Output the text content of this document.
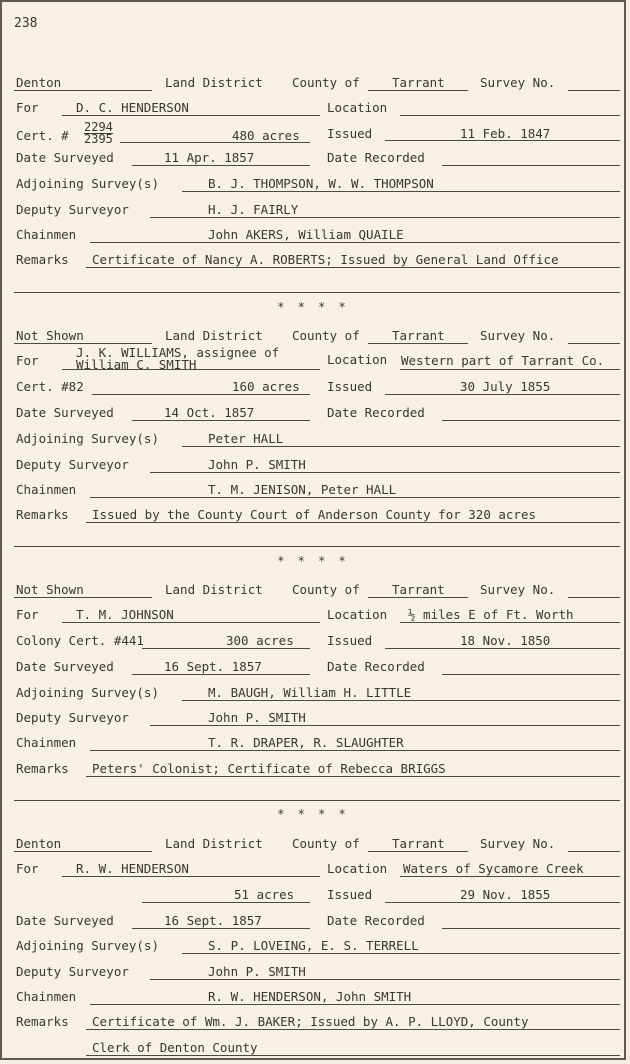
238
Denton	Land District County of	Tarrant	Survey No.
For	D. C. HENDERSON	Location
Cert. # $\frac{2294}{2395}$	480 acres Issued	11 Feb. 1847
Date Surveyed	11 Apr. 1857	Date Recorded
Adjoining Survey(s)	B. J. THOMPSON, W. W. THOMPSON
Deputy Surveyor	H. J. FAIRLY
Chainmen	John AKERS, William QUAILE
Remarks Certificate of Nancy A. ROBERTS; Issued by General Land Office
* * * *
Not Shown	Land District County of	Tarrant	Survey No.
For
J. K. WILLIAMS, assignee of
William C. SMITH	Location Western part of Tarrant Co.
Cert. #82	160 acres Issued	30 July 1855
Date Surveyed	14 Oct. 1857	Date Recorded
Adjoining Survey(s)	Peter HALL
Deputy Surveyor	John P. SMITH
Chainmen	T. M. JENISON, Peter HALL
Remarks Issued by the County Court of Anderson County for 320 acres
* * * *
Not Shown	Land District County of	Tarrant	Survey No.
For	T. M. JOHNSON	Location ½ miles E of Ft. Worth
Colony Cert. #441	300 acres	Issued	18 Nov. 1850
Date Surveyed	16 Sept. 1857	Date Recorded
Adjoining Survey(s)	M. BAUGH, William H. LITTLE
Deputy Surveyor	John P. SMITH
Chainmen	T. R. DRAPER, R. SLAUGHTER
Remarks Peters' Colonist; Certificate of Rebecca BRIGGS
* * * *
Denton	Land District County of	Tarrant	Survey No.
For	R. W. HENDERSON	Location Waters of Sycamore Creek
51 acres	Issued	29 Nov. 1855
Date Surveyed	16 Sept. 1857	Date Recorded
Adjoining Survey(s)	S. P. LOVEING, E. S. TERRELL
Deputy Surveyor	John P. SMITH
Chainmen	R. W. HENDERSON, John SMITH
Remarks Certificate of Wm. J. BAKER; Issued by A. P. LLOYD, County
Clerk of Denton County
